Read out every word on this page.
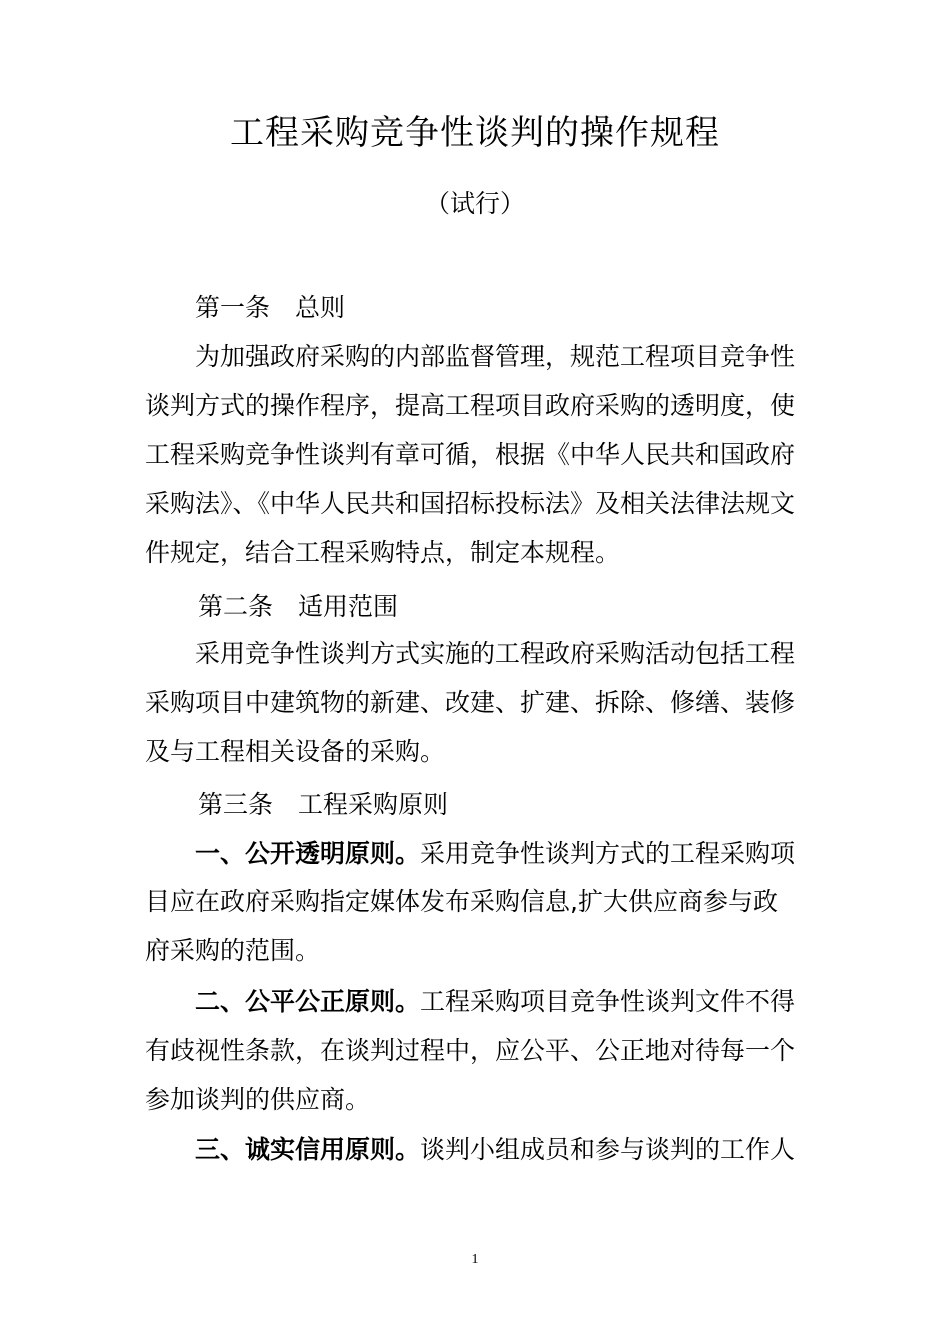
工程采购竞争性谈判的操作规程
（试行）
第一条　总则
为加强政府采购的内部监督管理，规范工程项目竞争性
谈判方式的操作程序，提高工程项目政府采购的透明度，使
工程采购竞争性谈判有章可循，根据《中华人民共和国政府
采购法》、《中华人民共和国招标投标法》及相关法律法规文
件规定，结合工程采购特点，制定本规程。
第二条　适用范围
采用竞争性谈判方式实施的工程政府采购活动包括工程
采购项目中建筑物的新建、改建、扩建、拆除、修缮、装修
及与工程相关设备的采购。
第三条　工程采购原则
一、公开透明原则。采用竞争性谈判方式的工程采购项
目应在政府采购指定媒体发布采购信息,扩大供应商参与政
府采购的范围。
二、公平公正原则。工程采购项目竞争性谈判文件不得
有歧视性条款，在谈判过程中，应公平、公正地对待每一个
参加谈判的供应商。
三、诚实信用原则。谈判小组成员和参与谈判的工作人
1
